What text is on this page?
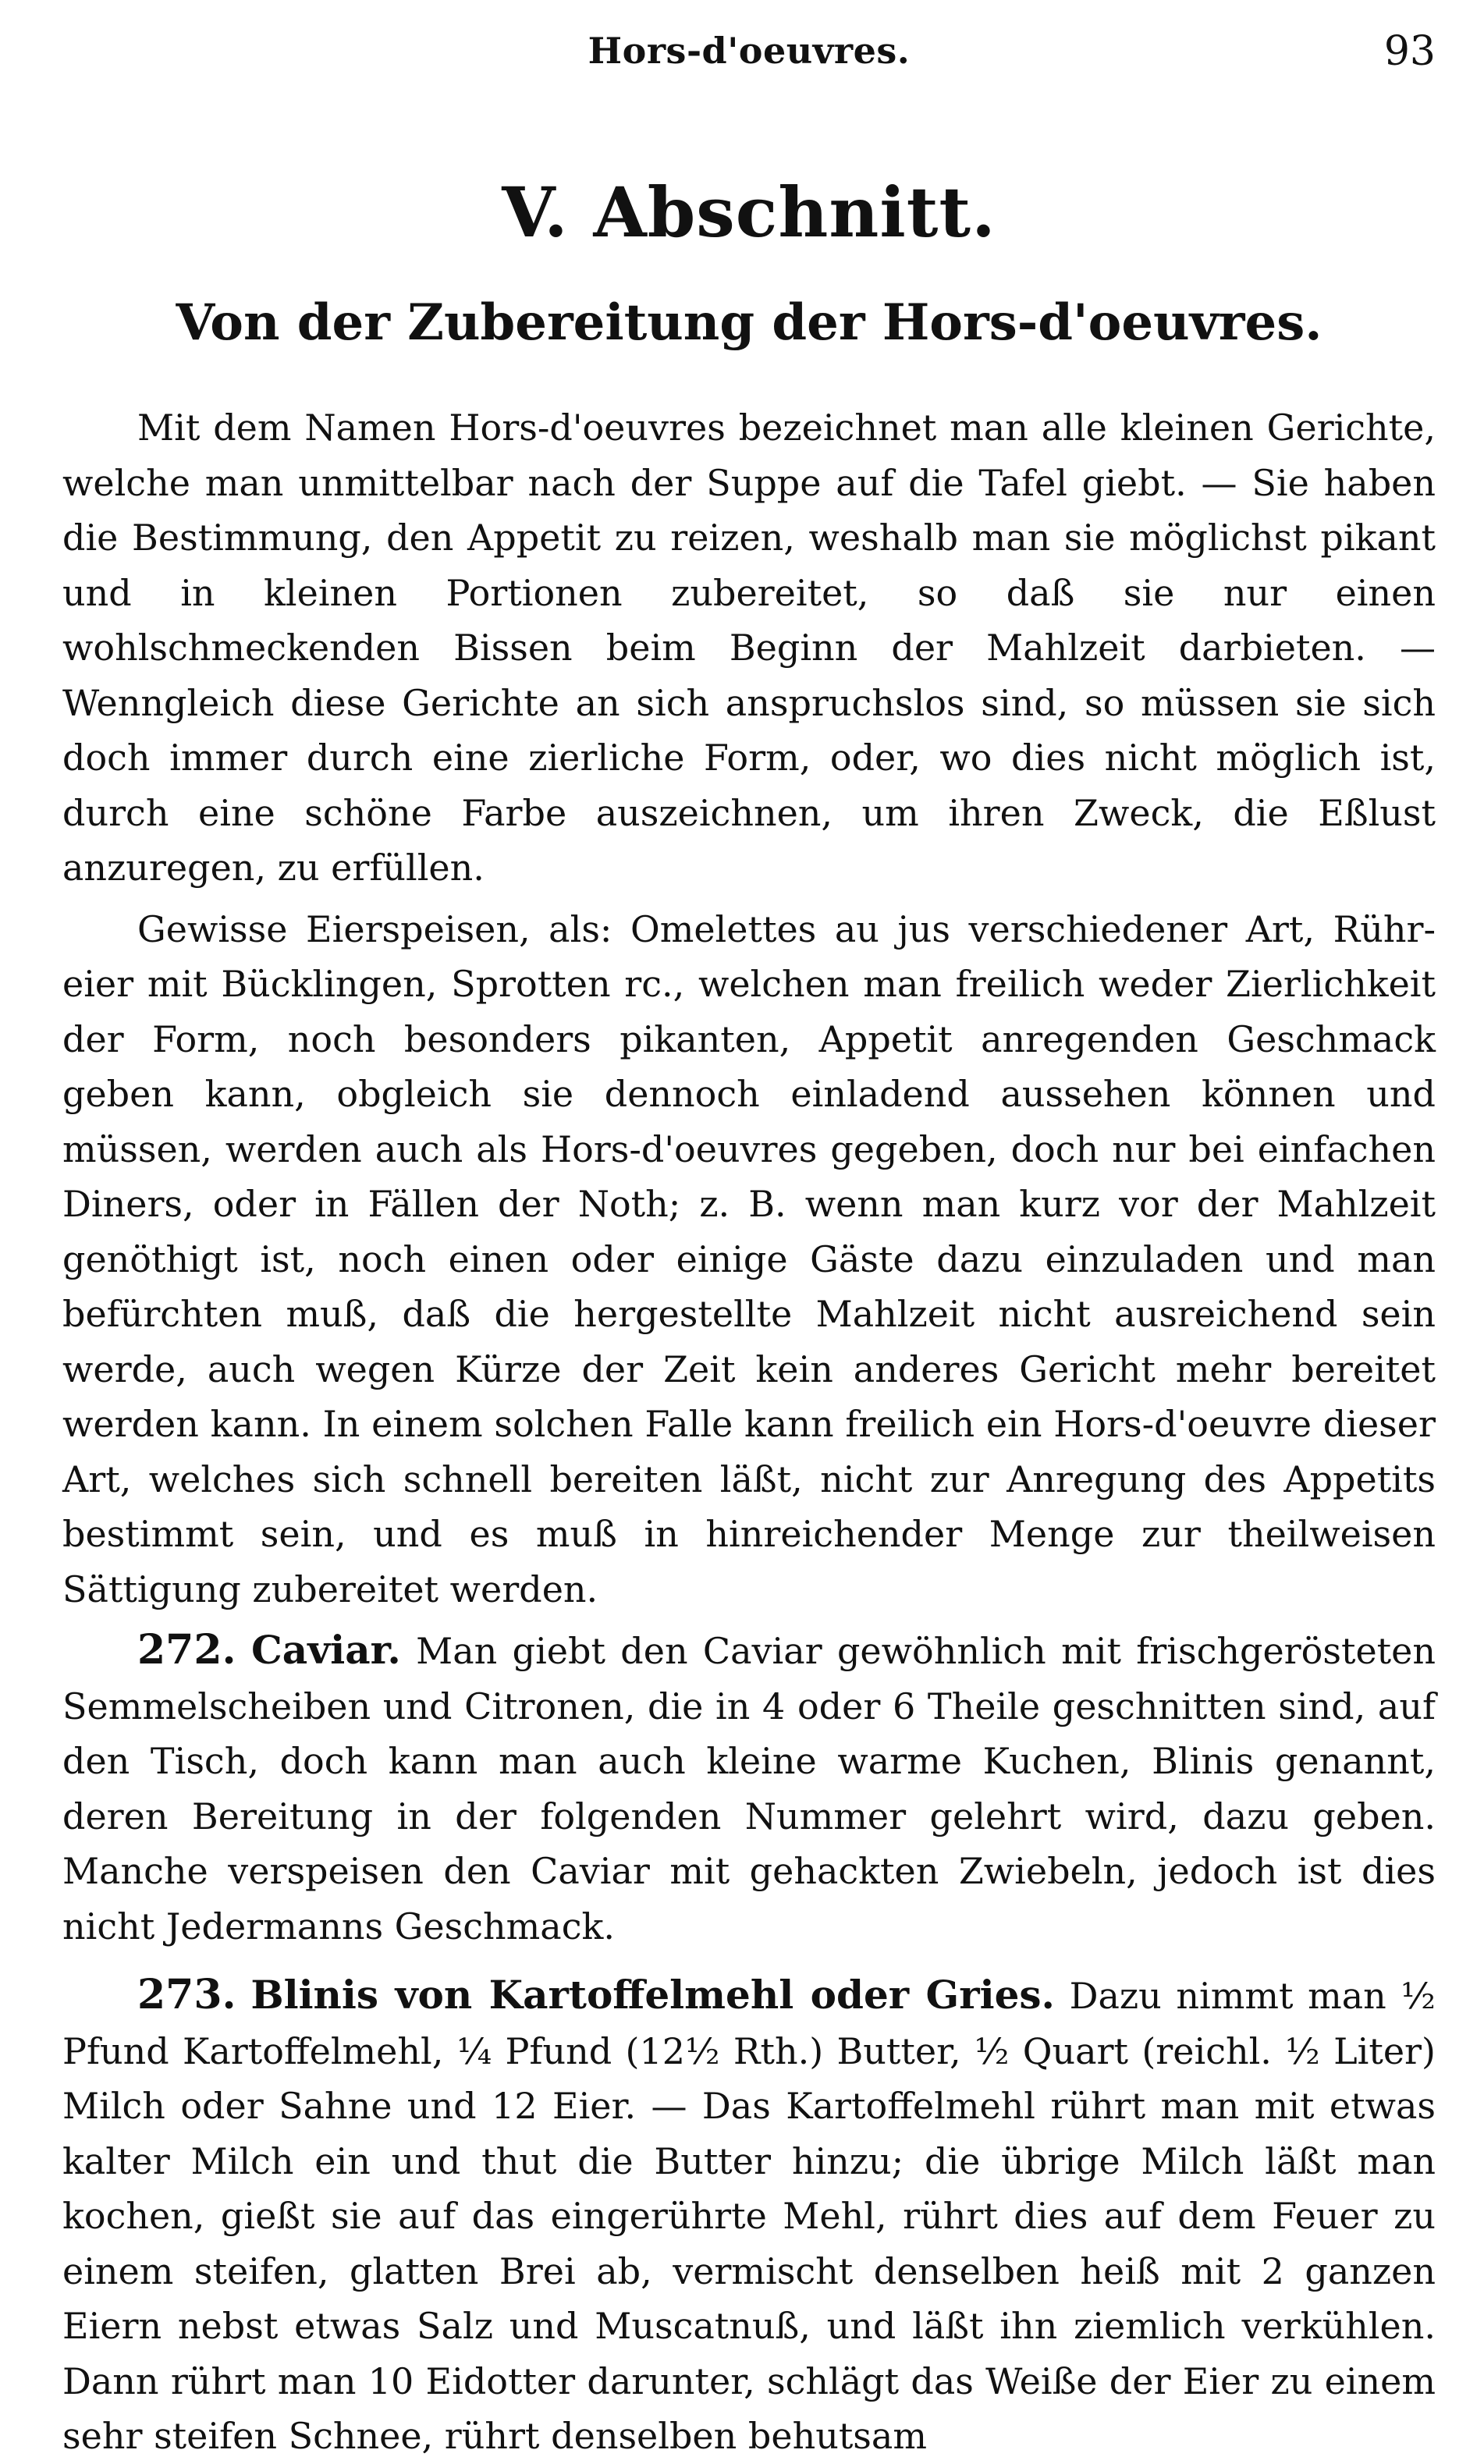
Hors-d'oeuvres.	93
V. Abschnitt.
Von der Zubereitung der Hors-d'oeuvres.

Mit dem Namen Hors-d'oeuvres bezeichnet man alle kleinen Gerichte, welche man unmittelbar nach der Suppe auf die Tafel giebt. — Sie haben die Bestimmung, den Appetit zu reizen, weshalb man sie möglichst pikant und in kleinen Portionen zubereitet, so daß sie nur einen wohlschmeckenden Bissen beim Beginn der Mahlzeit darbieten. — Wenngleich diese Gerichte an sich anspruchslos sind, so müssen sie sich doch immer durch eine zierliche Form, oder, wo dies nicht möglich ist, durch eine schöne Farbe auszeichnen, um ihren Zweck, die Eßlust anzuregen, zu erfüllen.

Gewisse Eierspeisen, als: Omelettes au jus verschiedener Art, Rühreier mit Bücklingen, Sprotten rc., welchen man freilich weder Zierlichkeit der Form, noch besonders pikanten, Appetit anregenden Geschmack geben kann, obgleich sie dennoch einladend aussehen können und müssen, werden auch als Hors-d'oeuvres gegeben, doch nur bei einfachen Diners, oder in Fällen der Noth; z. B. wenn man kurz vor der Mahlzeit genöthigt ist, noch einen oder einige Gäste dazu einzuladen und man befürchten muß, daß die hergestellte Mahlzeit nicht ausreichend sein werde, auch wegen Kürze der Zeit kein anderes Gericht mehr bereitet werden kann. In einem solchen Falle kann freilich ein Hors-d'oeuvre dieser Art, welches sich schnell bereiten läßt, nicht zur Anregung des Appetits bestimmt sein, und es muß in hinreichender Menge zur theilweisen Sättigung zubereitet werden.

272. Caviar. Man giebt den Caviar gewöhnlich mit frischgerösteten Semmelscheiben und Citronen, die in 4 oder 6 Theile geschnitten sind, auf den Tisch, doch kann man auch kleine warme Kuchen, Blinis genannt, deren Bereitung in der folgenden Nummer gelehrt wird, dazu geben. Manche verspeisen den Caviar mit gehackten Zwiebeln, jedoch ist dies nicht Jedermanns Geschmack.

273. Blinis von Kartoffelmehl oder Gries. Dazu nimmt man ½ Pfund Kartoffelmehl, ¼ Pfund (12½ Rth.) Butter, ½ Quart (reichl. ½ Liter) Milch oder Sahne und 12 Eier. — Das Kartoffelmehl rührt man mit etwas kalter Milch ein und thut die Butter hinzu; die übrige Milch läßt man kochen, gießt sie auf das eingerührte Mehl, rührt dies auf dem Feuer zu einem steifen, glatten Brei ab, vermischt denselben heiß mit 2 ganzen Eiern nebst etwas Salz und Muscatnuß, und läßt ihn ziemlich verkühlen. Dann rührt man 10 Eidotter darunter, schlägt das Weiße der Eier zu einem sehr steifen Schnee, rührt denselben behutsam
